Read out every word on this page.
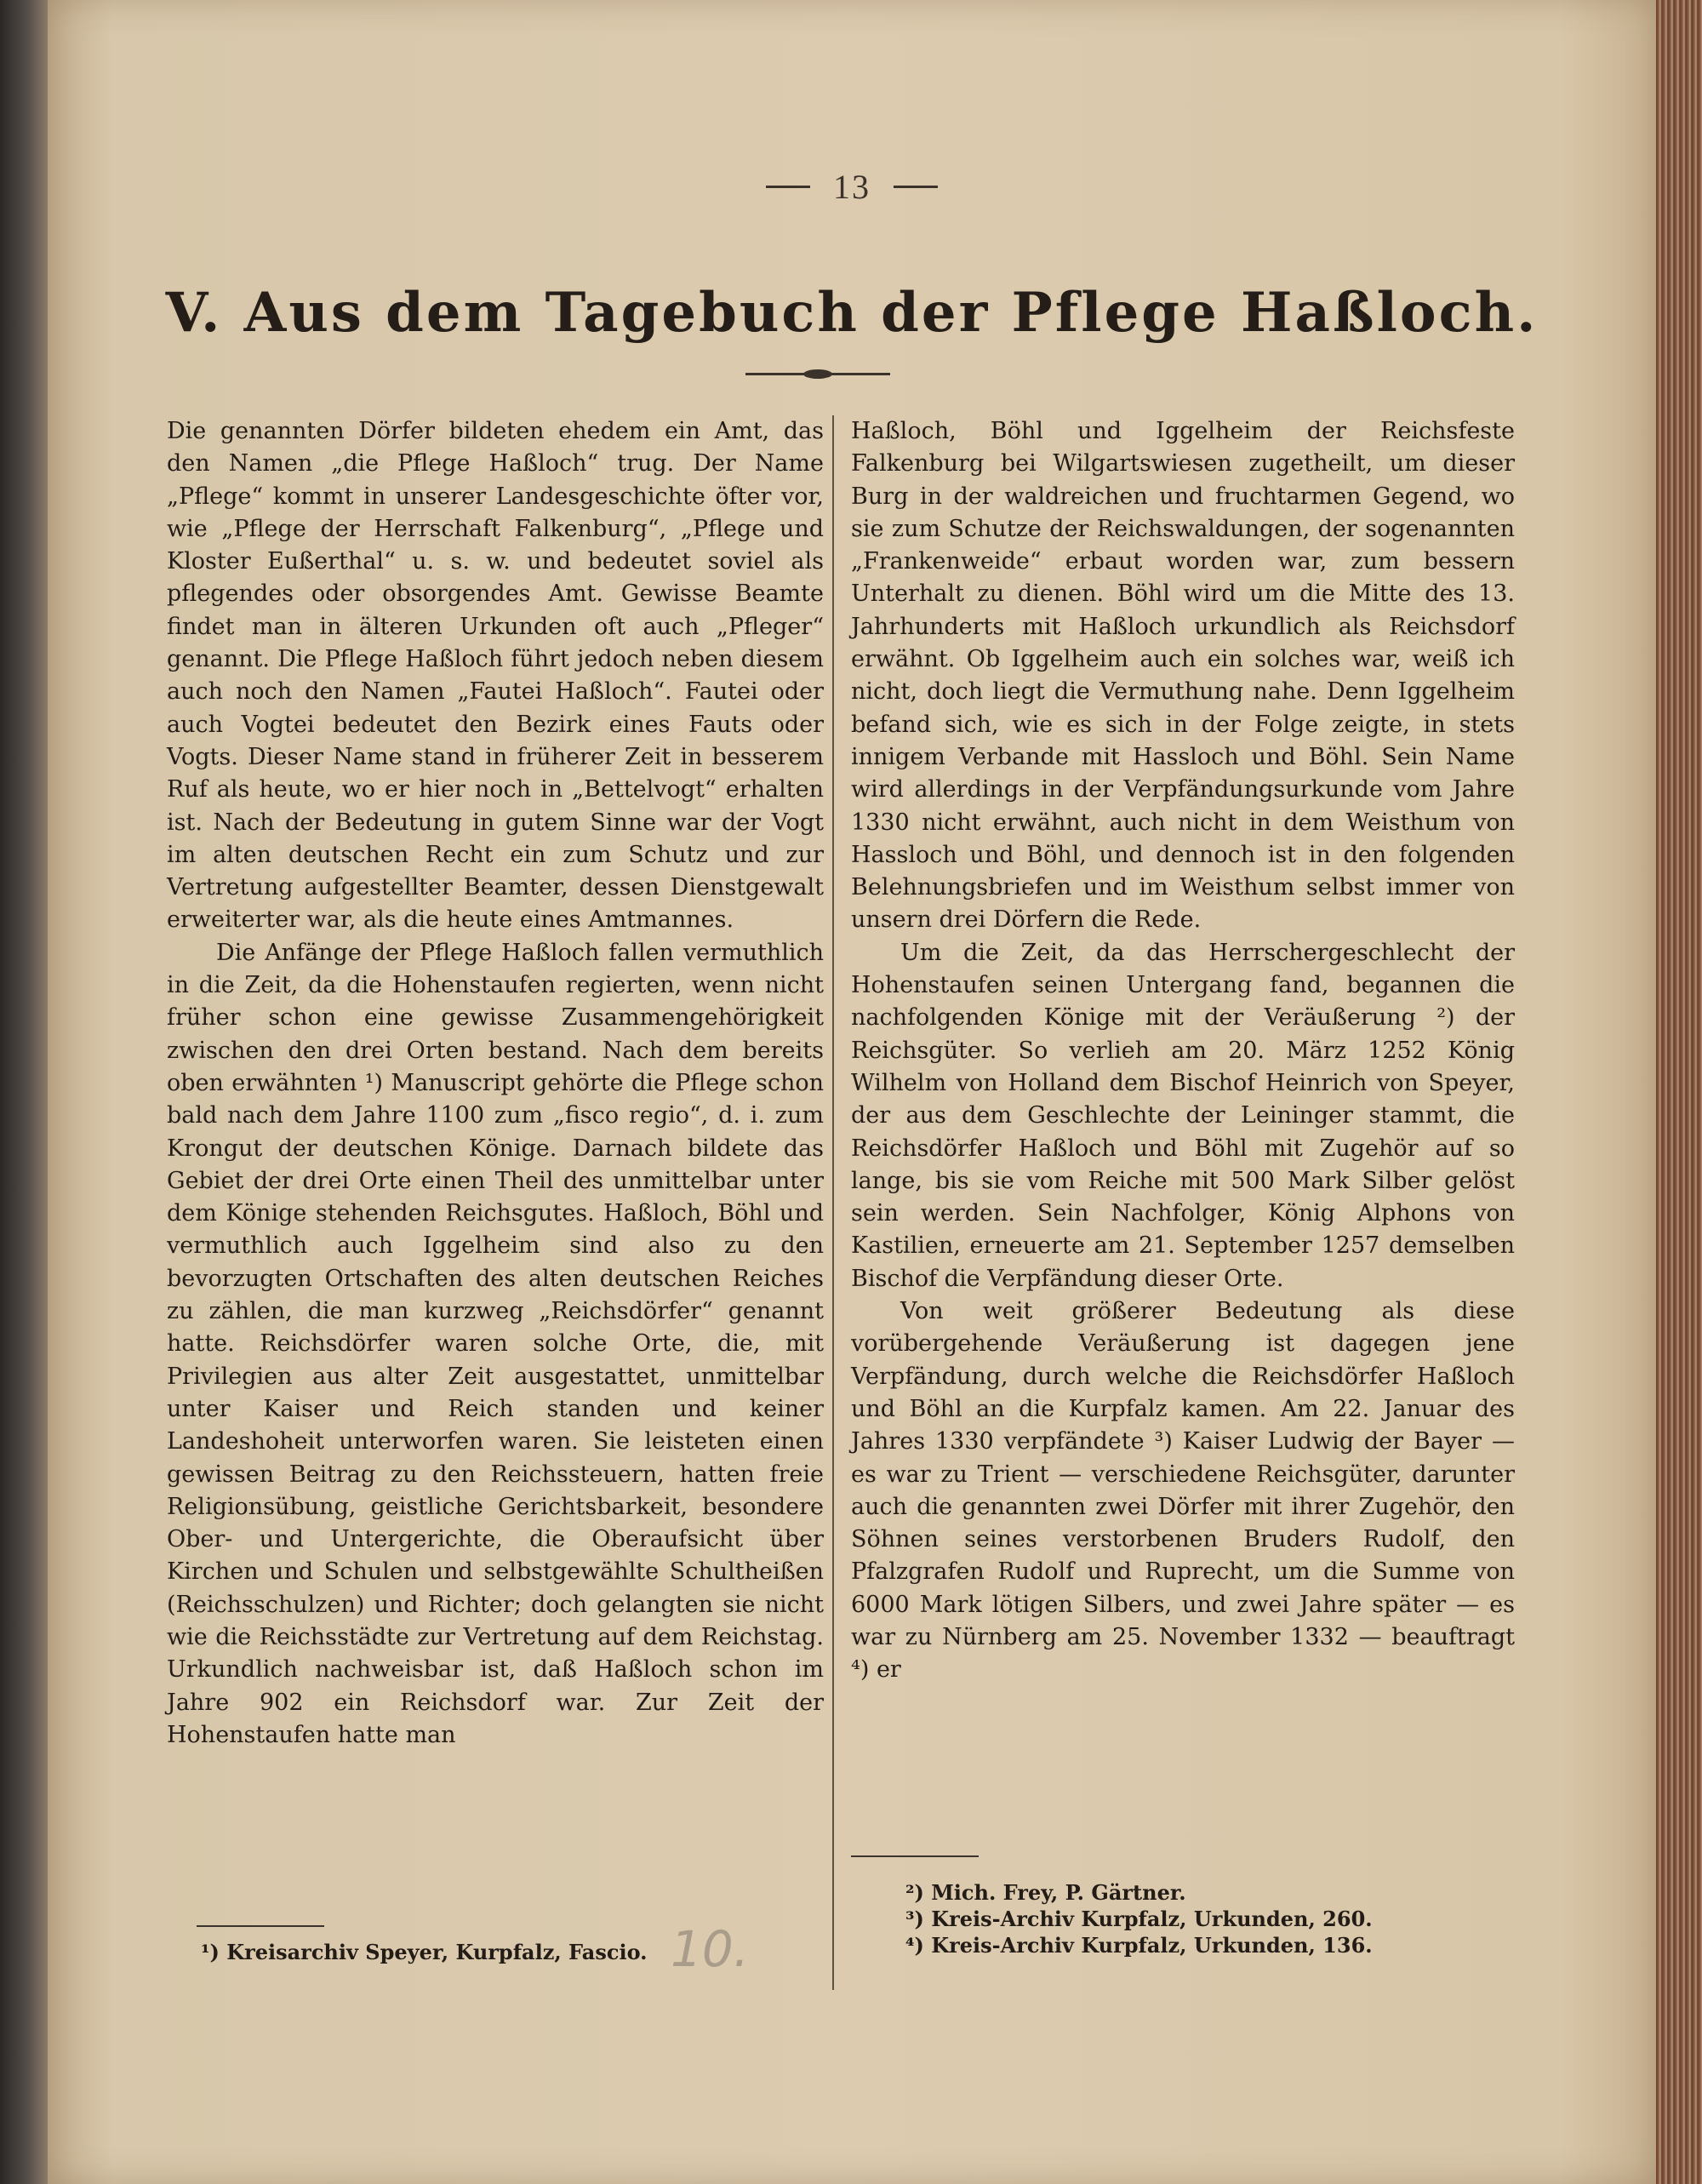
13
V. Aus dem Tagebuch der Pflege Haßloch.

Die genannten Dörfer bildeten ehedem ein Amt, das den Namen „die Pflege Haßloch“ trug. Der Name „Pflege“ kommt in unserer Landesgeschichte öfter vor, wie „Pflege der Herrschaft Falkenburg“, „Pflege und Kloster Eußerthal“ u. s. w. und bedeutet soviel als pflegendes oder obsorgendes Amt. Gewisse Beamte findet man in älteren Urkunden oft auch „Pfleger“ genannt. Die Pflege Haßloch führt jedoch neben diesem auch noch den Namen „Fautei Haßloch“. Fautei oder auch Vogtei bedeutet den Bezirk eines Fauts oder Vogts. Dieser Name stand in früherer Zeit in besserem Ruf als heute, wo er hier noch in „Bettelvogt“ erhalten ist. Nach der Bedeutung in gutem Sinne war der Vogt im alten deutschen Recht ein zum Schutz und zur Vertretung aufgestellter Beamter, dessen Dienstgewalt erweiterter war, als die heute eines Amtmannes.

Die Anfänge der Pflege Haßloch fallen vermuthlich in die Zeit, da die Hohenstaufen regierten, wenn nicht früher schon eine gewisse Zusammengehörigkeit zwischen den drei Orten bestand. Nach dem bereits oben erwähnten ¹) Manuscript gehörte die Pflege schon bald nach dem Jahre 1100 zum „fisco regio“, d. i. zum Krongut der deutschen Könige. Darnach bildete das Gebiet der drei Orte einen Theil des unmittelbar unter dem Könige stehenden Reichsgutes. Haßloch, Böhl und vermuthlich auch Iggelheim sind also zu den bevorzugten Ortschaften des alten deutschen Reiches zu zählen, die man kurzweg „Reichsdörfer“ genannt hatte. Reichsdörfer waren solche Orte, die, mit Privilegien aus alter Zeit ausgestattet, unmittelbar unter Kaiser und Reich standen und keiner Landeshoheit unterworfen waren. Sie leisteten einen gewissen Beitrag zu den Reichssteuern, hatten freie Religionsübung, geistliche Gerichtsbarkeit, besondere Ober- und Untergerichte, die Oberaufsicht über Kirchen und Schulen und selbstgewählte Schultheißen (Reichsschulzen) und Richter; doch gelangten sie nicht wie die Reichsstädte zur Vertretung auf dem Reichstag. Urkundlich nachweisbar ist, daß Haßloch schon im Jahre 902 ein Reichsdorf war. Zur Zeit der Hohenstaufen hatte man

Haßloch, Böhl und Iggelheim der Reichsfeste Falkenburg bei Wilgartswiesen zugetheilt, um dieser Burg in der waldreichen und fruchtarmen Gegend, wo sie zum Schutze der Reichswaldungen, der sogenannten „Frankenweide“ erbaut worden war, zum bessern Unterhalt zu dienen. Böhl wird um die Mitte des 13. Jahrhunderts mit Haßloch urkundlich als Reichsdorf erwähnt. Ob Iggelheim auch ein solches war, weiß ich nicht, doch liegt die Vermuthung nahe. Denn Iggelheim befand sich, wie es sich in der Folge zeigte, in stets innigem Verbande mit Hassloch und Böhl. Sein Name wird allerdings in der Verpfändungsurkunde vom Jahre 1330 nicht erwähnt, auch nicht in dem Weisthum von Hassloch und Böhl, und dennoch ist in den folgenden Belehnungsbriefen und im Weisthum selbst immer von unsern drei Dörfern die Rede.

Um die Zeit, da das Herrschergeschlecht der Hohenstaufen seinen Untergang fand, begannen die nachfolgenden Könige mit der Veräußerung ²) der Reichsgüter. So verlieh am 20. März 1252 König Wilhelm von Holland dem Bischof Heinrich von Speyer, der aus dem Geschlechte der Leininger stammt, die Reichsdörfer Haßloch und Böhl mit Zugehör auf so lange, bis sie vom Reiche mit 500 Mark Silber gelöst sein werden. Sein Nachfolger, König Alphons von Kastilien, erneuerte am 21. September 1257 demselben Bischof die Verpfändung dieser Orte.

Von weit größerer Bedeutung als diese vorübergehende Veräußerung ist dagegen jene Verpfändung, durch welche die Reichsdörfer Haßloch und Böhl an die Kurpfalz kamen. Am 22. Januar des Jahres 1330 verpfändete ³) Kaiser Ludwig der Bayer — es war zu Trient — verschiedene Reichsgüter, darunter auch die genannten zwei Dörfer mit ihrer Zugehör, den Söhnen seines verstorbenen Bruders Rudolf, den Pfalzgrafen Rudolf und Ruprecht, um die Summe von 6000 Mark lötigen Silbers, und zwei Jahre später — es war zu Nürnberg am 25. November 1332 — beauftragt ⁴) er

¹) Kreisarchiv Speyer, Kurpfalz, Fascio. 10.
²) Mich. Frey, P. Gärtner.
³) Kreis-Archiv Kurpfalz, Urkunden, 260.
⁴) Kreis-Archiv Kurpfalz, Urkunden, 136.
